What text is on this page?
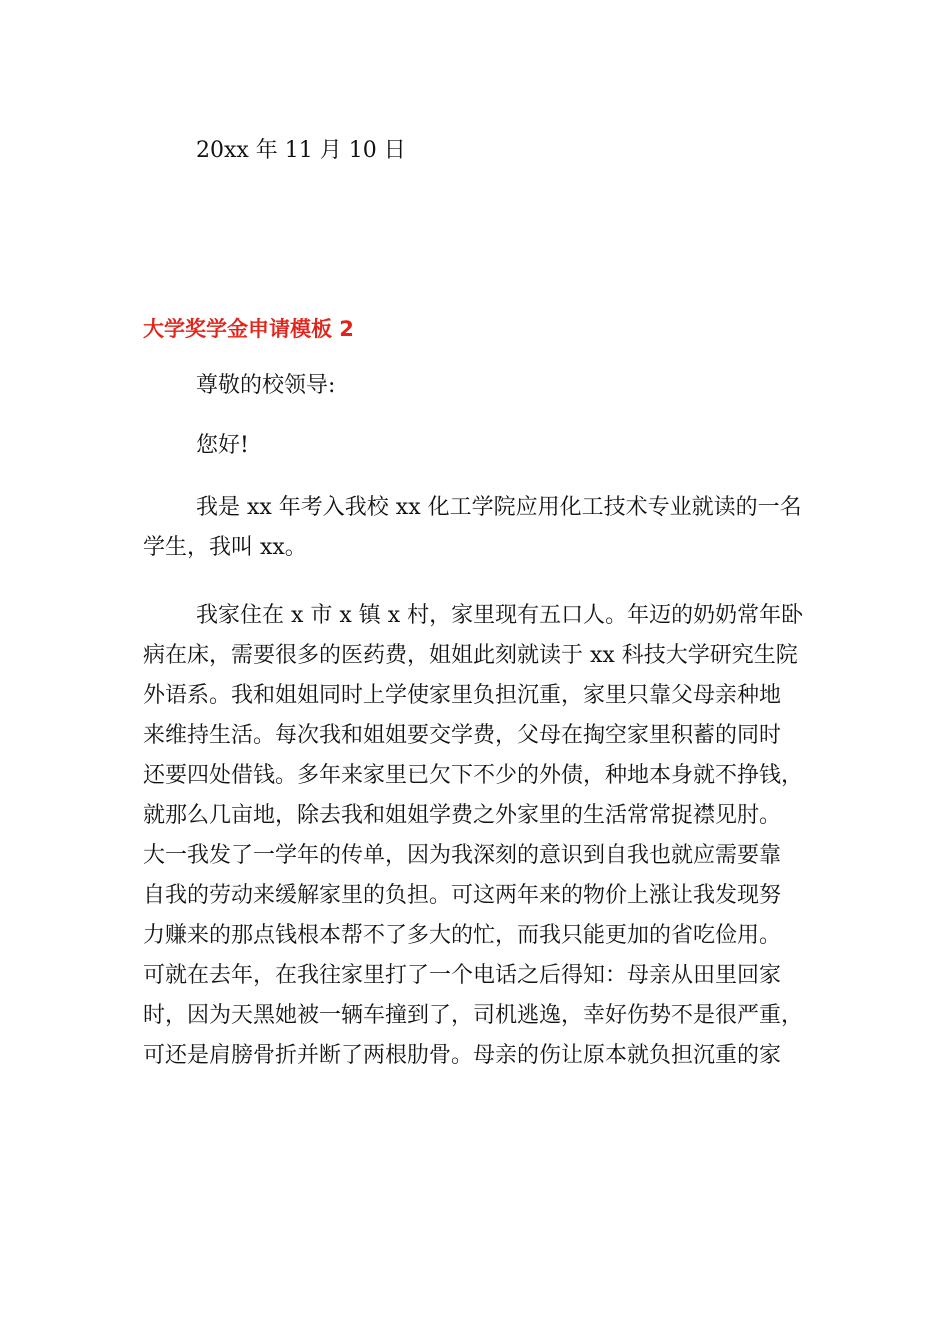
20xx 年 11 月 10 日
大学奖学金申请模板 2
尊敬的校领导:
您好!
我是 xx 年考入我校 xx 化工学院应用化工技术专业就读的一名
学生，我叫 xx。
我家住在 x 市 x 镇 x 村，家里现有五口人。年迈的奶奶常年卧
病在床，需要很多的医药费，姐姐此刻就读于 xx 科技大学研究生院
外语系。我和姐姐同时上学使家里负担沉重，家里只靠父母亲种地
来维持生活。每次我和姐姐要交学费，父母在掏空家里积蓄的同时
还要四处借钱。多年来家里已欠下不少的外债，种地本身就不挣钱，
就那么几亩地，除去我和姐姐学费之外家里的生活常常捉襟见肘。
大一我发了一学年的传单，因为我深刻的意识到自我也就应需要靠
自我的劳动来缓解家里的负担。可这两年来的物价上涨让我发现努
力赚来的那点钱根本帮不了多大的忙，而我只能更加的省吃俭用。
可就在去年，在我往家里打了一个电话之后得知：母亲从田里回家
时，因为天黑她被一辆车撞到了，司机逃逸，幸好伤势不是很严重，
可还是肩膀骨折并断了两根肋骨。母亲的伤让原本就负担沉重的家
